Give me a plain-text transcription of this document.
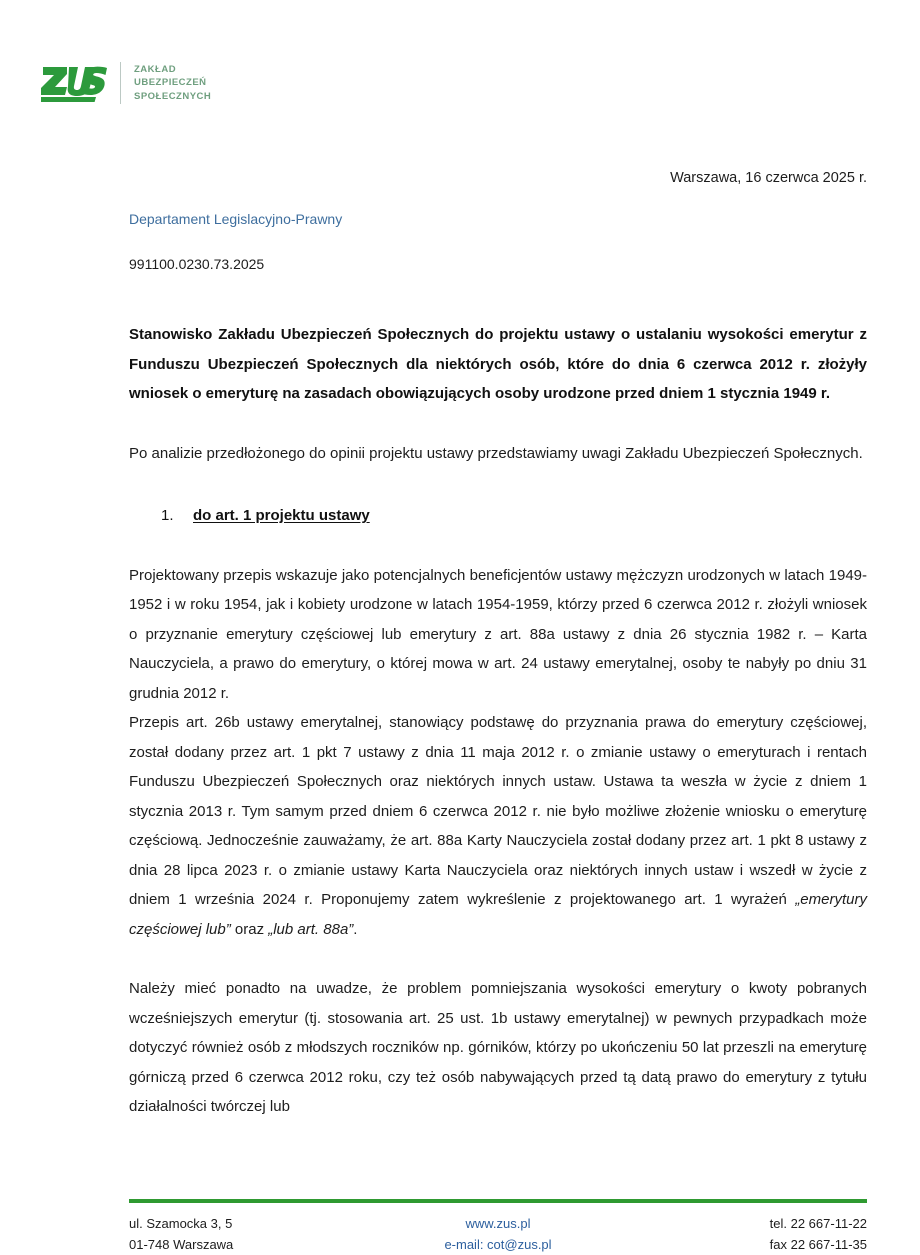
ZAKŁAD
UBEZPIECZEŃ
SPOŁECZNYCH
Warszawa, 16 czerwca 2025 r.
Departament Legislacyjno-Prawny
991100.0230.73.2025
Stanowisko Zakładu Ubezpieczeń Społecznych do projektu ustawy o ustalaniu wysokości emerytur z Funduszu Ubezpieczeń Społecznych dla niektórych osób, które do dnia 6 czerwca 2012 r. złożyły wniosek o emeryturę na zasadach obowiązujących osoby urodzone przed dniem 1 stycznia 1949 r.
Po analizie przedłożonego do opinii projektu ustawy przedstawiamy uwagi Zakładu Ubezpieczeń Społecznych.
1.	do art. 1 projektu ustawy
Projektowany przepis wskazuje jako potencjalnych beneficjentów ustawy mężczyzn urodzonych w latach 1949-1952 i w roku 1954, jak i kobiety urodzone w latach 1954-1959, którzy przed 6 czerwca 2012 r. złożyli wniosek o przyznanie emerytury częściowej lub emerytury z art. 88a ustawy z dnia 26 stycznia 1982 r. – Karta Nauczyciela, a prawo do emerytury, o której mowa w art. 24 ustawy emerytalnej, osoby te nabyły po dniu 31 grudnia 2012 r.
Przepis art. 26b ustawy emerytalnej, stanowiący podstawę do przyznania prawa do emerytury częściowej, został dodany przez art. 1 pkt 7 ustawy z dnia 11 maja 2012 r. o zmianie ustawy o emeryturach i rentach Funduszu Ubezpieczeń Społecznych oraz niektórych innych ustaw. Ustawa ta weszła w życie z dniem 1 stycznia 2013 r. Tym samym przed dniem 6 czerwca 2012 r. nie było możliwe złożenie wniosku o emeryturę częściową. Jednocześnie zauważamy, że art. 88a Karty Nauczyciela został dodany przez art. 1 pkt 8 ustawy z dnia 28 lipca 2023 r. o zmianie ustawy Karta Nauczyciela oraz niektórych innych ustaw i wszedł w życie z dniem 1 września 2024 r. Proponujemy zatem wykreślenie z projektowanego art. 1 wyrażeń „emerytury częściowej lub” oraz „lub art. 88a”.
Należy mieć ponadto na uwadze, że problem pomniejszania wysokości emerytury o kwoty pobranych wcześniejszych emerytur (tj. stosowania art. 25 ust. 1b ustawy emerytalnej) w pewnych przypadkach może dotyczyć również osób z młodszych roczników np. górników, którzy po ukończeniu 50 lat przeszli na emeryturę górniczą przed 6 czerwca 2012 roku, czy też osób nabywających przed tą datą prawo do emerytury z tytułu działalności twórczej lub
ul. Szamocka 3, 5
01-748 Warszawa
www.zus.pl
e-mail: cot@zus.pl
tel. 22 667-11-22
fax 22 667-11-35
